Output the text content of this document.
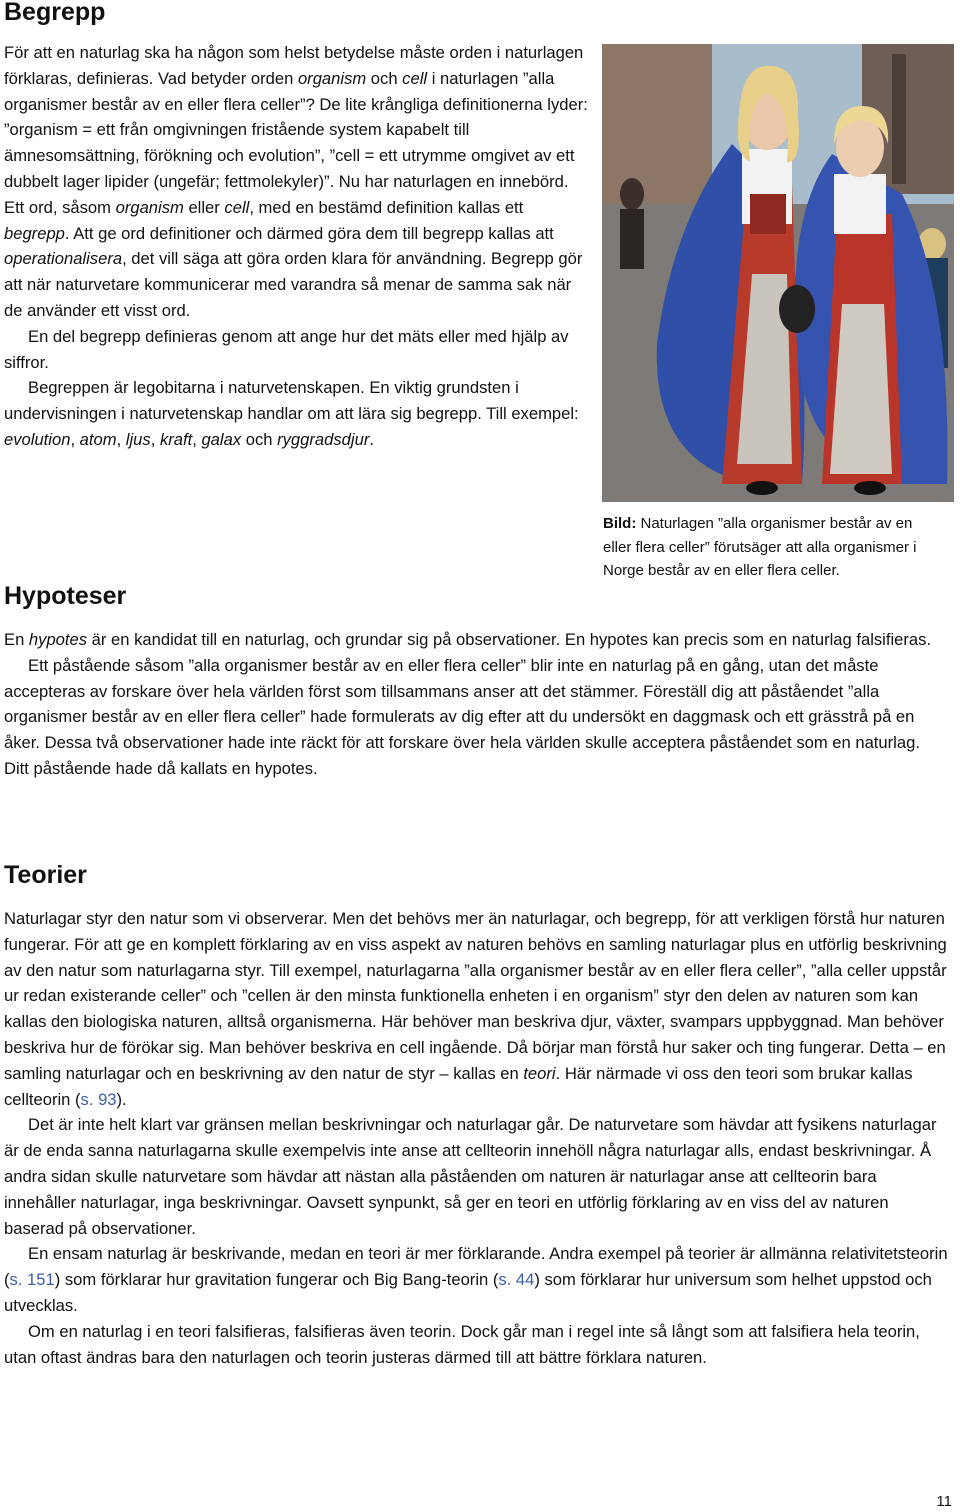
Begrepp

För att en naturlag ska ha någon som helst betydelse måste orden i naturlagen förklaras, definieras. Vad betyder orden organism och cell i naturlagen ”alla organismer består av en eller flera celler”? De lite krångliga definitionerna lyder: ”organism = ett från omgivningen fristående system kapabelt till ämnesomsättning, förökning och evolution”, ”cell = ett utrymme omgivet av ett dubbelt lager lipider (ungefär; fettmolekyler)”. Nu har naturlagen en innebörd. Ett ord, såsom organism eller cell, med en bestämd definition kallas ett begrepp. Att ge ord definitioner och därmed göra dem till begrepp kallas att operationalisera, det vill säga att göra orden klara för användning. Begrepp gör att när naturvetare kommunicerar med varandra så menar de samma sak när de använder ett visst ord.

En del begrepp definieras genom att ange hur det mäts eller med hjälp av siffror.

Begreppen är legobitarna i naturvetenskapen. En viktig grundsten i undervisningen i naturvetenskap handlar om att lära sig begrepp. Till exempel: evolution, atom, ljus, kraft, galax och ryggradsdjur.

Bild: Naturlagen ”alla organismer består av en eller flera celler” förutsäger att alla organismer i Norge består av en eller flera celler.
Hypoteser

En hypotes är en kandidat till en naturlag, och grundar sig på observationer. En hypotes kan precis som en naturlag falsifieras.

Ett påstående såsom ”alla organismer består av en eller flera celler” blir inte en naturlag på en gång, utan det måste accepteras av forskare över hela världen först som tillsammans anser att det stämmer. Föreställ dig att påståendet ”alla organismer består av en eller flera celler” hade formulerats av dig efter att du undersökt en daggmask och ett grässtrå på en åker. Dessa två observationer hade inte räckt för att forskare över hela världen skulle acceptera påståendet som en naturlag. Ditt påstående hade då kallats en hypotes.

Teorier

Naturlagar styr den natur som vi observerar. Men det behövs mer än naturlagar, och begrepp, för att verkligen förstå hur naturen fungerar. För att ge en komplett förklaring av en viss aspekt av naturen behövs en samling naturlagar plus en utförlig beskrivning av den natur som naturlagarna styr. Till exempel, naturlagarna ”alla organismer består av en eller flera celler”, ”alla celler uppstår ur redan existerande celler” och ”cellen är den minsta funktionella enheten i en organism” styr den delen av naturen som kan kallas den biologiska naturen, alltså organismerna. Här behöver man beskriva djur, växter, svampars uppbyggnad. Man behöver beskriva hur de förökar sig. Man behöver beskriva en cell ingående. Då börjar man förstå hur saker och ting fungerar. Detta – en samling naturlagar och en beskrivning av den natur de styr – kallas en teori. Här närmade vi oss den teori som brukar kallas cellteorin (s. 93).

Det är inte helt klart var gränsen mellan beskrivningar och naturlagar går. De naturvetare som hävdar att fysikens naturlagar är de enda sanna naturlagarna skulle exempelvis inte anse att cellteorin innehöll några naturlagar alls, endast beskrivningar. Å andra sidan skulle naturvetare som hävdar att nästan alla påståenden om naturen är naturlagar anse att cellteorin bara innehåller naturlagar, inga beskrivningar. Oavsett synpunkt, så ger en teori en utförlig förklaring av en viss del av naturen baserad på observationer.

En ensam naturlag är beskrivande, medan en teori är mer förklarande. Andra exempel på teorier är allmänna relativitetsteorin (s. 151) som förklarar hur gravitation fungerar och Big Bang-teorin (s. 44) som förklarar hur universum som helhet uppstod och utvecklas.

Om en naturlag i en teori falsifieras, falsifieras även teorin. Dock går man i regel inte så långt som att falsifiera hela teorin, utan oftast ändras bara den naturlagen och teorin justeras därmed till att bättre förklara naturen.

11
